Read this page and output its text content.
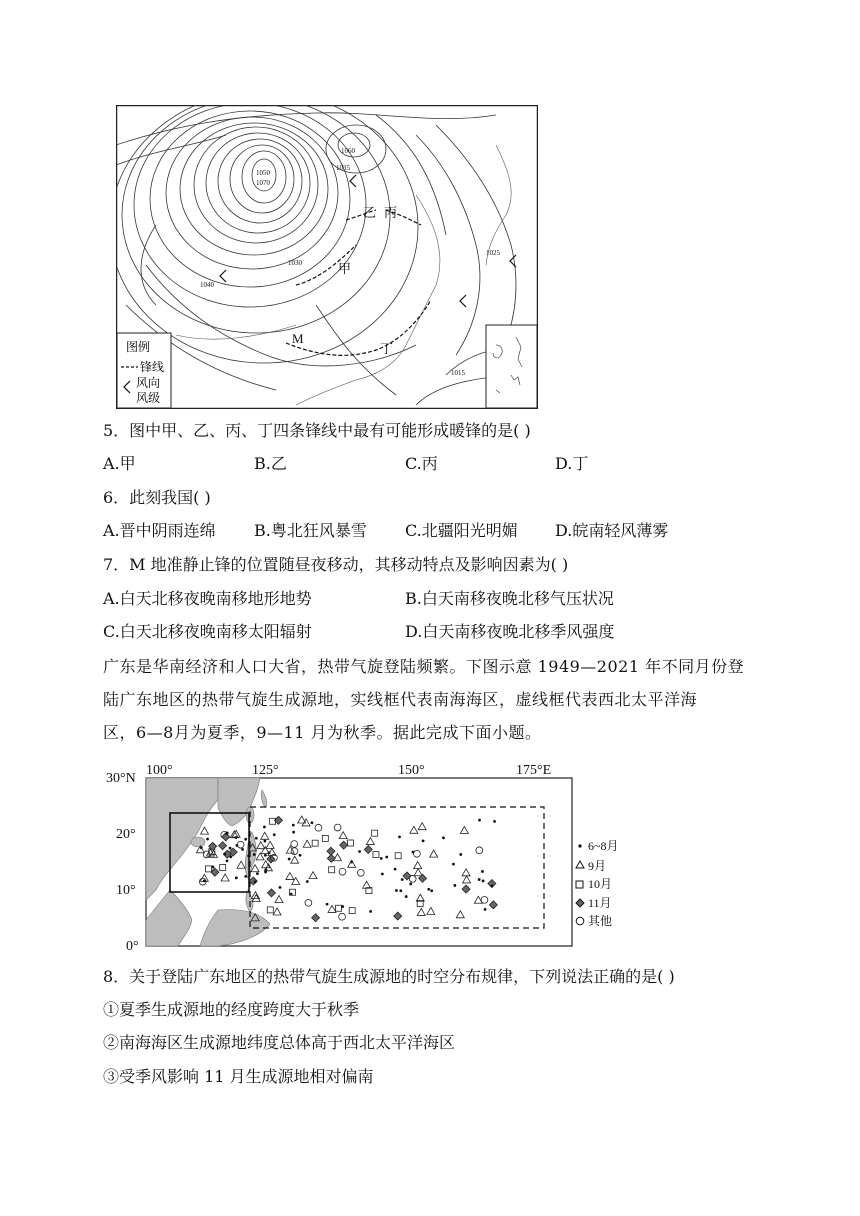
1050
1070
1060
1035
1040
1030
1025
1015
甲
乙 丙
丁
M
图例
锋线
风向
风级
5．图中甲、乙、丙、丁四条锋线中最有可能形成暖锋的是( )
A.甲	B.乙	C.丙	D.丁
6．此刻我国( )
A.晋中阴雨连绵 B.粤北狂风暴雪 C.北疆阳光明媚 D.皖南轻风薄雾
7．M 地准静止锋的位置随昼夜移动，其移动特点及影响因素为( )
A.白天北移夜晚南移地形地势	B.白天南移夜晚北移气压状况
C.白天北移夜晚南移太阳辐射	D.白天南移夜晚北移季风强度
广东是华南经济和人口大省，热带气旋登陆频繁。下图示意 1949—2021 年不同月份登
陆广东地区的热带气旋生成源地，实线框代表南海海区，虚线框代表西北太平洋海
区，6—8月为夏季，9—11 月为秋季。据此完成下面小题。
100°	125°	150°	175°E
30°N
20°
10°
0°
6~8月
9月
10月
11月
其他
8．关于登陆广东地区的热带气旋生成源地的时空分布规律，下列说法正确的是( )
①夏季生成源地的经度跨度大于秋季
②南海海区生成源地纬度总体高于西北太平洋海区
③受季风影响 11 月生成源地相对偏南
